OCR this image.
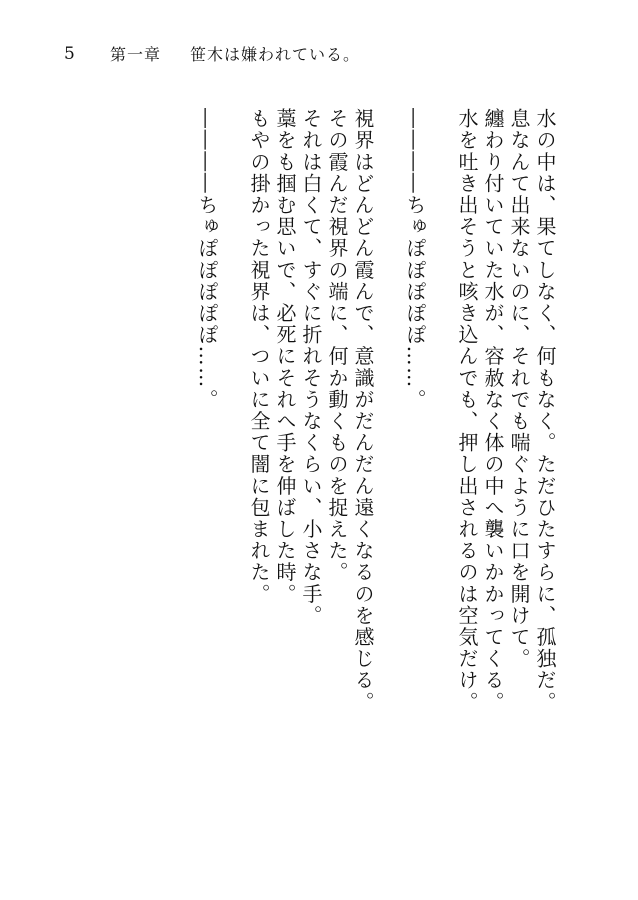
5 第一章 笹木は嫌われている。
水の中は、果てしなく、何もなく。ただひたすらに、孤独だ。
息なんて出来ないのに、それでも喘ぐように口を開けて。
纏わり付いていた水が、容赦なく体の中へ襲いかかってくる。
水を吐き出そうと咳き込んでも、押し出されるのは空気だけ。
――――ちゅぽぽぽぽぽ……。
視界はどんどん霞んで、意識がだんだん遠くなるのを感じる。
その霞んだ視界の端に、何か動くものを捉えた。
それは白くて、すぐに折れそうなくらい、小さな手。
藁をも掴む思いで、必死にそれへ手を伸ばした時。
もやの掛かった視界は、ついに全て闇に包まれた。
――――ちゅぽぽぽぽぽ……。
